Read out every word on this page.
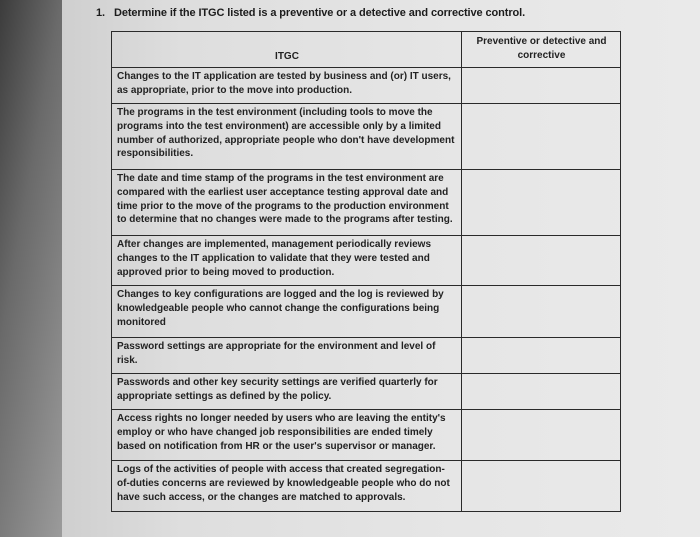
1. Determine if the ITGC listed is a preventive or a detective and corrective control.
ITGC	Preventive or detective and corrective
Changes to the IT application are tested by business and (or) IT users, as appropriate, prior to the move into production.	
The programs in the test environment (including tools to move the programs into the test environment) are accessible only by a limited number of authorized, appropriate people who don't have development responsibilities.	
The date and time stamp of the programs in the test environment are compared with the earliest user acceptance testing approval date and time prior to the move of the programs to the production environment to determine that no changes were made to the programs after testing.	
After changes are implemented, management periodically reviews changes to the IT application to validate that they were tested and approved prior to being moved to production.	
Changes to key configurations are logged and the log is reviewed by knowledgeable people who cannot change the configurations being monitored	
Password settings are appropriate for the environment and level of risk.	
Passwords and other key security settings are verified quarterly for appropriate settings as defined by the policy.	
Access rights no longer needed by users who are leaving the entity's employ or who have changed job responsibilities are ended timely based on notification from HR or the user's supervisor or manager.	
Logs of the activities of people with access that created segregation-of-duties concerns are reviewed by knowledgeable people who do not have such access, or the changes are matched to approvals.	
